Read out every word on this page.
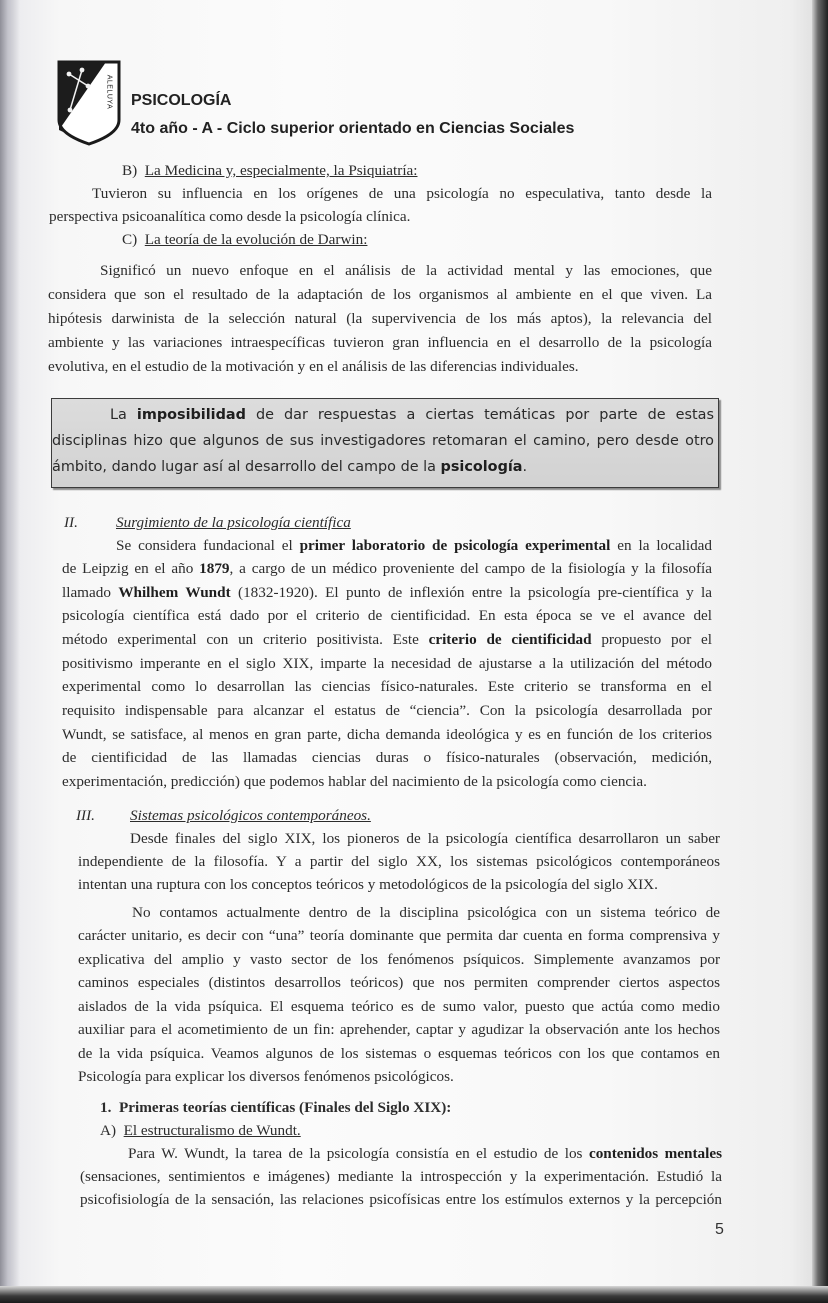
ALELUYA PSICOLOGÍA
4to año - A - Ciclo superior orientado en Ciencias Sociales
B) La Medicina y, especialmente, la Psiquiatría:
Tuvieron su influencia en los orígenes de una psicología no especulativa, tanto desde la
perspectiva psicoanalítica como desde la psicología clínica.
C) La teoría de la evolución de Darwin:
Significó un nuevo enfoque en el análisis de la actividad mental y las emociones, que
considera que son el resultado de la adaptación de los organismos al ambiente en el que viven. La
hipótesis darwinista de la selección natural (la supervivencia de los más aptos), la relevancia del
ambiente y las variaciones intraespecíficas tuvieron gran influencia en el desarrollo de la psicología
evolutiva, en el estudio de la motivación y en el análisis de las diferencias individuales.
La imposibilidad de dar respuestas a ciertas temáticas por parte de estas
disciplinas hizo que algunos de sus investigadores retomaran el camino, pero desde otro
ámbito, dando lugar así al desarrollo del campo de la psicología.
II.	Surgimiento de la psicología científica
Se considera fundacional el primer laboratorio de psicología experimental en la localidad
de Leipzig en el año 1879, a cargo de un médico proveniente del campo de la fisiología y la filosofía
llamado Whilhem Wundt (1832-1920). El punto de inflexión entre la psicología pre-científica y la
psicología científica está dado por el criterio de cientificidad. En esta época se ve el avance del
método experimental con un criterio positivista. Este criterio de cientificidad propuesto por el
positivismo imperante en el siglo XIX, imparte la necesidad de ajustarse a la utilización del método
experimental como lo desarrollan las ciencias físico-naturales. Este criterio se transforma en el
requisito indispensable para alcanzar el estatus de “ciencia”. Con la psicología desarrollada por
Wundt, se satisface, al menos en gran parte, dicha demanda ideológica y es en función de los criterios
de cientificidad de las llamadas ciencias duras o físico-naturales (observación, medición,
experimentación, predicción) que podemos hablar del nacimiento de la psicología como ciencia.
III. Sistemas psicológicos contemporáneos.
Desde finales del siglo XIX, los pioneros de la psicología científica desarrollaron un saber
independiente de la filosofía. Y a partir del siglo XX, los sistemas psicológicos contemporáneos
intentan una ruptura con los conceptos teóricos y metodológicos de la psicología del siglo XIX.
No contamos actualmente dentro de la disciplina psicológica con un sistema teórico de
carácter unitario, es decir con “una” teoría dominante que permita dar cuenta en forma comprensiva y
explicativa del amplio y vasto sector de los fenómenos psíquicos. Simplemente avanzamos por
caminos especiales (distintos desarrollos teóricos) que nos permiten comprender ciertos aspectos
aislados de la vida psíquica. El esquema teórico es de sumo valor, puesto que actúa como medio
auxiliar para el acometimiento de un fin: aprehender, captar y agudizar la observación ante los hechos
de la vida psíquica. Veamos algunos de los sistemas o esquemas teóricos con los que contamos en
Psicología para explicar los diversos fenómenos psicológicos.
1. Primeras teorías científicas (Finales del Siglo XIX):
A) El estructuralismo de Wundt.
Para W. Wundt, la tarea de la psicología consistía en el estudio de los contenidos mentales
(sensaciones, sentimientos e imágenes) mediante la introspección y la experimentación. Estudió la
psicofisiología de la sensación, las relaciones psicofísicas entre los estímulos externos y la percepción
5
